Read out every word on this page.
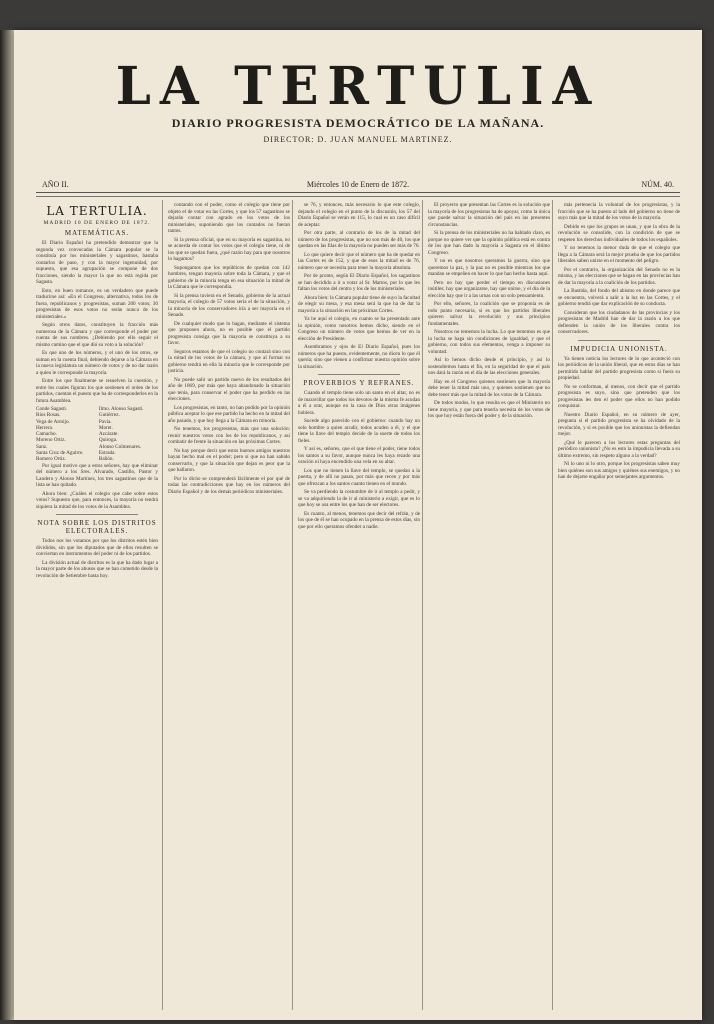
LA TERTULIA
DIARIO PROGRESISTA DEMOCRÁTICO DE LA MAÑANA.
DIRECTOR: D. JUAN MANUEL MARTINEZ.
AÑO II.	Miércoles 10 de Enero de 1872.	NÚM. 40.
LA TERTULIA.
MADRID 10 DE ENERO DE 1872.
MATEMÁTICAS.

El Diario Español ha pretendido demostrar que la segunda vez convocadas la Cámara popular se la constituía por los ministeriales y sagastinos, bastaba contarlos de paso, y con la mayor ingenuidad, por supuesto, que esa agrupación se compone de dos fracciones, siendo la mayor la que no está regida por Sagasta.

Esto, en buen romance, es un verdadero que puede traducirse así: «En el Congreso, alternativa, todos los de fuera, republicanos y progresistas, suman 200 votos; 30 progresistas de esos votos no serán nunca de los ministeriales.»

Según otros datos, constituyen la fracción más numerosa de la Cámara y que corresponde el poder por cuenta de sus nombres. ¿Debiendo por ello seguir el mismo camino que el que dió su voto a la solución?

Es que uno de los números, y el uno de los otros, se suman en la cuenta final, debiendo dejarse a la Cámara en la nueva legislatura un número de votos y de no dar razón a quien le corresponde la mayoría.

Entre los que finalmente se resuelven la cuestión, y entre los cuales figuran los que sostienen el orden de los partidos, cuentan el puesto que ha de corresponderles en la futura Asamblea.

Conde Sagasti.	Ilmo. Alonso Sagasti.
Ríos Rosas.	Gutiérrez.
Vega de Armijo.	Pavía.
Herrera.	Moret.
Camacho.	Azcárate.
Moreno Ortiz.	Quiroga.
Sanz.	Alonso Colmenares.
Santa Cruz de Aguirre.	Estrada.
Romero Ortiz.	Bañón.

Por igual motivo que a estos señores, hay que eliminar del número a los Sres. Alvarado, Castillo, Pastor y Landero y Alonso Martínez, los tres sagastinos que de la lista se han quitado.

Ahora bien: ¿Cuáles el colegio que cabe sobre estos votos? Supuesto que, para entonces, la mayoría no tendrá siquiera la mitad de los votos de la Asamblea.

NOTA SOBRE LOS DISTRITOS ELECTORALES.

Todos nos los votamos por que los distritos estén bien divididos, sin que los diputados que de ellos resulten se conviertan en instrumentos del poder ni de los partidos.

La división actual de distritos es la que ha dado lugar a la mayor parte de los abusos que se han cometido desde la revolución de Setiembre hasta hoy.

contando con el poder, como el colegio que tiene por objeto el de votar en las Cortes, y que los 57 sagastinos se dejarán contar con agrado en los votos de los ministeriales, suponiendo que los contados no fueran tantos.

Si la prensa oficial, que en su mayoría es sagastina, no se acuerda de contar los votos que el colegio tiene, ni de los que se quedan fuera, ¿qué razón hay para que nosotros lo hagamos?

Supongamos que los repúblicos de quedan con 142 hombres, tengan mayoría sobre toda la Cámara, y que el gobierno de la minoría tenga en esa situación la mitad de la Cámara que le correspondía.

Si la prensa tuviera en el Senado, gobierno de la actual mayoría, el colegio de 57 votos sería el de la situación, y la minoría de los conservadores iría a ser mayoría en el Senado.

De cualquier modo que lo hagan, mediante el sistema que proponen ahora, no es posible que el partido progresista consiga que la mayoría se constituya a su favor.

Seguros estamos de que el colegio no contará sino con la mitad de los votos de la cámara, y que al formar su gobierno tendrá en ella la minoría que le corresponde por justicia.

No puede salir un partido nuevo de los resultados del año de 1869, por más que haya abandonado la situación que tenía, para conservar el poder que ha perdido en las elecciones.

Los progresistas, en tanto, no han podido por la opinión pública aceptar lo que ese partido ha hecho en la mitad del año pasado, y que hoy llega a la Cámara en minoría.

No tenemos, los progresistas, más que una solución: reunir nuestros votos con los de los republicanos, y así combatir de frente la situación en las próximas Cortes.

No hay porque decir que estos buenos amigos nuestros hayan hecho mal en el poder; pero sí que no han sabido conservarlo, y que la situación que dejan es peor que la que hallaron.

Por lo dicho se comprenderá fácilmente el por qué de todas las contradicciones que hay en los números del Diario Español y de los demás periódicos ministeriales.

se 76, y entonces, más necesario lo que este colegio, dejando el colegio en el punto de la discusión, los 57 del Diario Español se verán en 115, lo cual es un caso difícil de aceptar.

Por otra parte, al contrario de los de la mitad del número de los progresistas, que no son más de 40, los que quedan en las filas de la mayoría no pueden ser más de 76.

Lo que quiere decir que el número que ha de quedar en las Cortes es de 152, y que de esos la mitad es de 76, número que se necesita para tener la mayoría absoluta.

Por de pronto, según El Diario Español, los sagastinos se han decidido a ir a votar al Sr. Martos, por lo que les faltan los votos del centro y los de los ministeriales.

Ahora bien: la Cámara popular tiene de suyo la facultad de elegir su mesa, y esa mesa será la que ha de dar la mayoría a la situación en las próximas Cortes.

Ya he aquí el colegio, en cuanto se ha presentado ante la opinión, como nosotros hemos dicho, siendo en el Congreso un número de votos que hemos de ver en la elección de Presidente.

Asombramos y ojos de El Diario Español, pues los números que ha puesto, evidentemente, no dicen lo que él quería; sino que vienen a confirmar nuestra opinión sobre la situación.

PROVERBIOS Y REFRANES.

Cuando el templo tiene solo un santo en el altar, no es de maravillar que todos los devotos de la misma fe acudan a él a orar, aunque en la casa de Dios otras imágenes hubiera.

Sucede algo parecido con el gobierno: cuando hay un solo hombre a quien acudir, todos acuden a él, y el que tiene la llave del templo decide de la suerte de todos los fieles.

Y así es, señores, que el que tiene el poder, tiene todos los santos a su favor, aunque nunca les haya rezado una oración ni haya encendido una vela en su altar.

Los que no tienen la llave del templo, se quedan a la puerta, y de allí no pasan, por más que recen y por más que ofrezcan a los santos cuanto tienen en el mundo.

Se va perdiendo la costumbre de ir al templo a pedir, y se va adquiriendo la de ir al ministerio a exigir, que es lo que hoy se usa entre los que han de ser electores.

Es cuanto, al menos, tenemos que decir del refrán, y de los que de él se han ocupado en la prensa de estos días, sin que por ello queramos ofender a nadie.

El proyecto que presentan las Cortes es la solución que la mayoría de los progresistas ha de apoyar, como la única que puede salvar la situación del país en las presentes circunstancias.

Si la prensa de los ministeriales no ha hablado claro, es porque no quiere ver que la opinión pública está en contra de los que han dado la mayoría a Sagasta en el último Congreso.

Y no es que nosotros queramos la guerra, sino que queremos la paz, y la paz no es posible mientras los que mandan se empeñen en hacer lo que han hecho hasta aquí.

Pero no hay que perder el tiempo en discusiones inútiles; hay que organizarse, hay que unirse, y el día de la elección hay que ir a las urnas con un solo pensamiento.

Por ello, señores, la coalición que se proponía es de todo punto necesaria, si es que los partidos liberales quieren salvar la revolución y sus principios fundamentales.

Nosotros no tememos la lucha. Lo que tememos es que la lucha se haga sin condiciones de igualdad, y que el gobierno, con todos sus elementos, venga a imponer su voluntad.

Así lo hemos dicho desde el principio, y así lo sostendremos hasta el fin, en la seguridad de que el país nos dará la razón en el día de las elecciones generales.

Hay en el Congreso quienes sostienen que la mayoría debe tener la mitad más uno, y quienes sostienen que no debe tener más que la mitad de los votos de la Cámara.

De todos modos, lo que resulta es que el Ministerio no tiene mayoría, y que para tenerla necesita de los votos de los que hoy están fuera del poder y de la situación.

más pertenecía la voluntad de los progresistas, y la fracción que se ha puesto al lado del gobierno no tiene de suyo más que la mitad de los votos de la mayoría.

Debido es que los grupos se unan, y que la obra de la revolución se consolide, con la condición de que se respeten los derechos individuales de todos los españoles.

Y no tenemos la menor duda de que el colegio que llega a la Cámara será la mejor prueba de que los partidos liberales saben unirse en el momento del peligro.

Por el contrario, la organización del Senado no es la misma, y las elecciones que se hagan en las provincias han de dar la mayoría a la coalición de los partidos.

La Bastida, del fondo del abismo en donde parece que se encuentra, volverá a salir a la luz en las Cortes, y el gobierno tendrá que dar explicación de su conducta.

Consideran que los ciudadanos de las provincias y los progresistas de Madrid han de dar la razón a los que defienden la unión de los liberales contra los conservadores.

IMPUDICIA UNIONISTA.

Ya tienen noticia los lectores de lo que aconteció con los periódicos de la unión liberal, que en estos días se han permitido hablar del partido progresista como si fuera su propiedad.

No se conforman, al menos, con decir que el partido progresista es suyo, sino que pretenden que los progresistas les den el poder que ellos no han podido conquistar.

Nuestro Diario Español, en su número de ayer, pregunta si el partido progresista se ha olvidado de la revolución, y si es posible que los unionistas la defiendan mejor.

¿Qué le parecen a los lectores estas preguntas del periódico unionista? ¿No es esto la impudicia llevada a su último extremo, sin respeto alguno a la verdad?

Ni lo uno ni lo otro, porque los progresistas saben muy bien quiénes son sus amigos y quiénes sus enemigos, y no han de dejarse engañar por semejantes argumentos.
